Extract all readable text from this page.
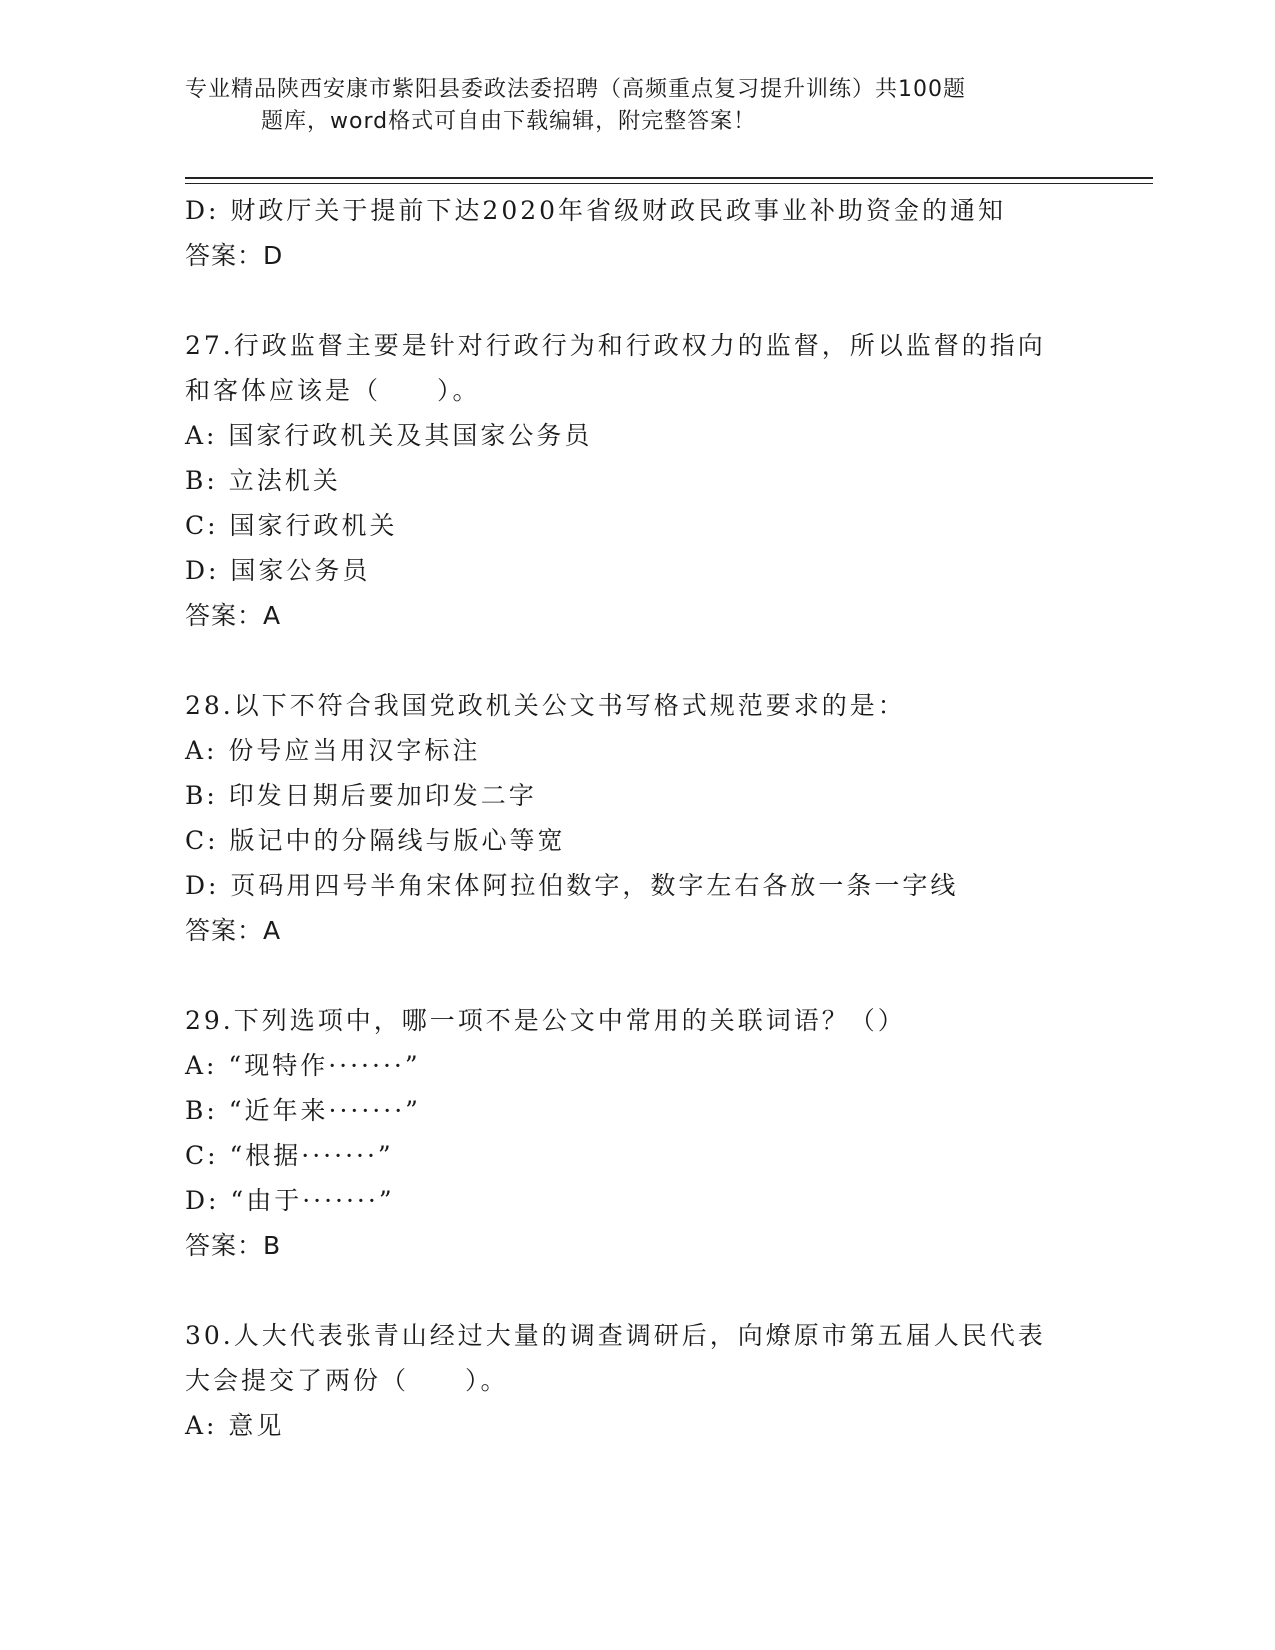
专业精品陕西安康市紫阳县委政法委招聘（高频重点复习提升训练）共100题
题库，word格式可自由下载编辑，附完整答案！
D: 财政厅关于提前下达2020年省级财政民政事业补助资金的通知
答案：D
27.行政监督主要是针对行政行为和行政权力的监督，所以监督的指向
和客体应该是（　　）。
A: 国家行政机关及其国家公务员
B: 立法机关
C: 国家行政机关
D: 国家公务员
答案：A
28.以下不符合我国党政机关公文书写格式规范要求的是：
A: 份号应当用汉字标注
B: 印发日期后要加印发二字
C: 版记中的分隔线与版心等宽
D: 页码用四号半角宋体阿拉伯数字，数字左右各放一条一字线
答案：A
29.下列选项中，哪一项不是公文中常用的关联词语？（）
A: “现特作·······”
B: “近年来·······”
C: “根据·······”
D: “由于·······”
答案：B
30.人大代表张青山经过大量的调查调研后，向燎原市第五届人民代表
大会提交了两份（　　）。
A: 意见
